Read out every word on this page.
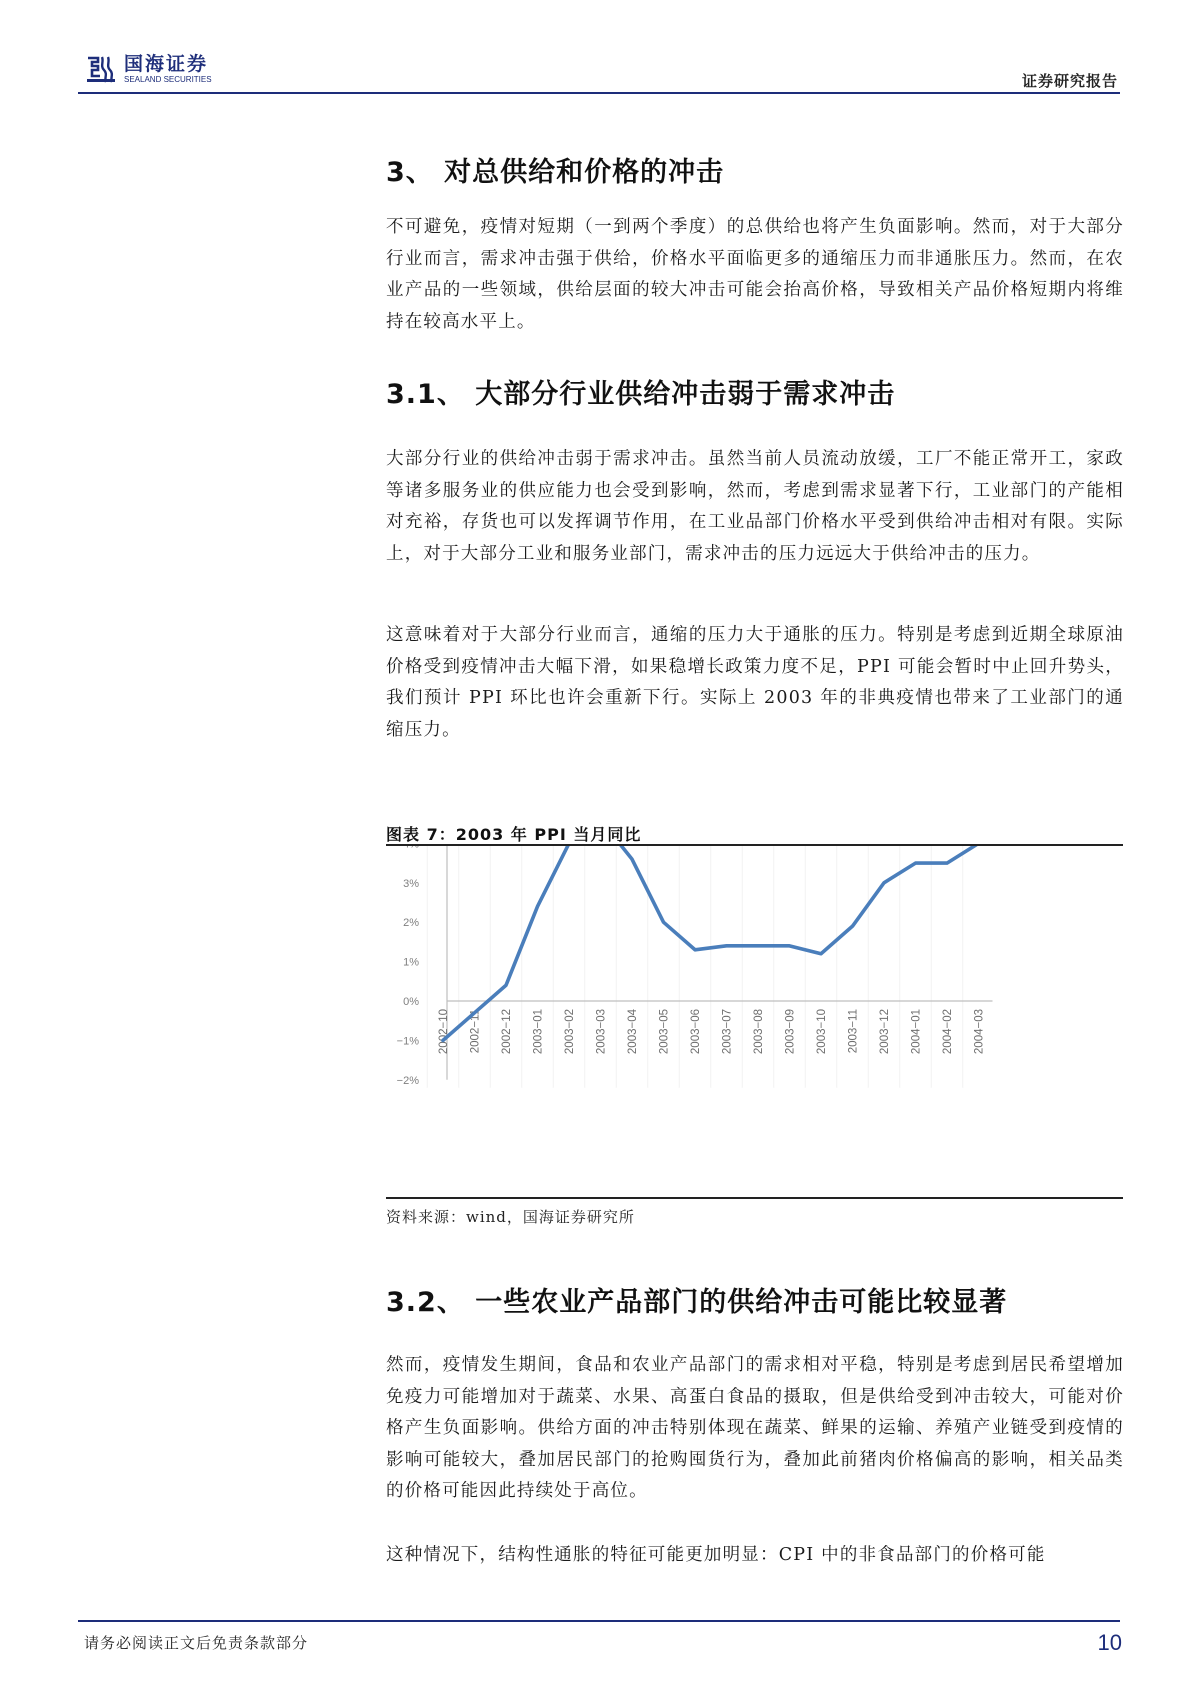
国海证券
SEALAND SECURITIES	证券研究报告
3、 对总供给和价格的冲击

不可避免，疫情对短期（一到两个季度）的总供给也将产生负面影响。然而，对于大部分行业而言，需求冲击强于供给，价格水平面临更多的通缩压力而非通胀压力。然而，在农业产品的一些领域，供给层面的较大冲击可能会抬高价格，导致相关产品价格短期内将维持在较高水平上。

3.1、 大部分行业供给冲击弱于需求冲击

大部分行业的供给冲击弱于需求冲击。虽然当前人员流动放缓，工厂不能正常开工，家政等诸多服务业的供应能力也会受到影响，然而，考虑到需求显著下行，工业部门的产能相对充裕，存货也可以发挥调节作用，在工业品部门价格水平受到供给冲击相对有限。实际上，对于大部分工业和服务业部门，需求冲击的压力远远大于供给冲击的压力。

这意味着对于大部分行业而言，通缩的压力大于通胀的压力。特别是考虑到近期全球原油价格受到疫情冲击大幅下滑，如果稳增长政策力度不足，PPI 可能会暂时中止回升势头，我们预计 PPI 环比也许会重新下行。实际上 2003 年的非典疫情也带来了工业部门的通缩压力。

图表 7：2003 年 PPI 当月同比
3%
2%
1%
0%
−1%
−2%
2002−10 2002−11 2002−12 2003−01 2003−02 2003−03 2003−04 2003−05 2003−06 2003−07 2003−08 2003−09 2003−10 2003−11 2003−12 2004−01 2004−02 2004−03
资料来源：wind，国海证券研究所
3.2、 一些农业产品部门的供给冲击可能比较显著

然而，疫情发生期间，食品和农业产品部门的需求相对平稳，特别是考虑到居民希望增加免疫力可能增加对于蔬菜、水果、高蛋白食品的摄取，但是供给受到冲击较大，可能对价格产生负面影响。供给方面的冲击特别体现在蔬菜、鲜果的运输、养殖产业链受到疫情的影响可能较大，叠加居民部门的抢购囤货行为，叠加此前猪肉价格偏高的影响，相关品类的价格可能因此持续处于高位。

这种情况下，结构性通胀的特征可能更加明显：CPI 中的非食品部门的价格可能

请务必阅读正文后免责条款部分	10
